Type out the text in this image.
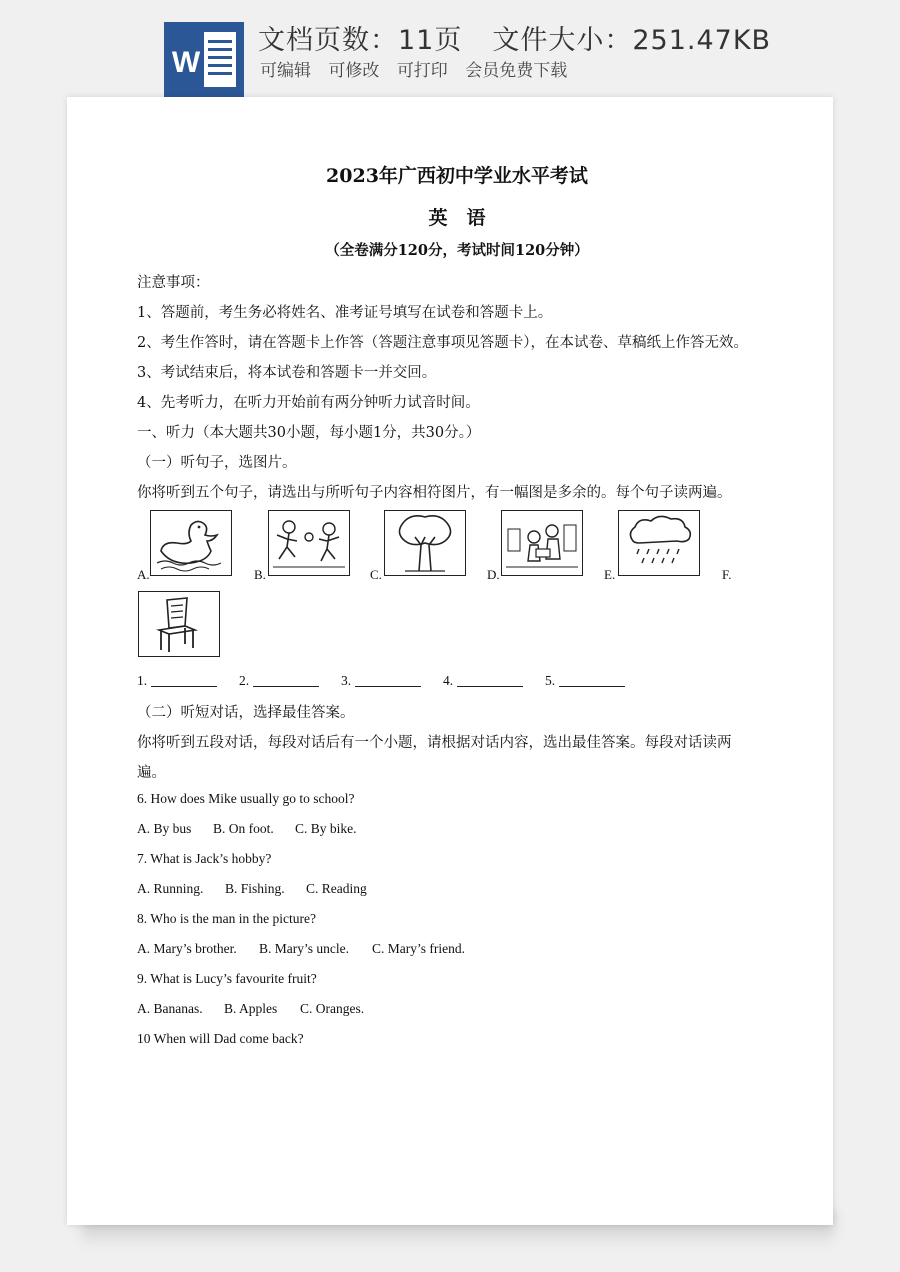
W
文档页数：11页 文件大小：251.47KB
可编辑 可修改 可打印 会员免费下载
2023年广西初中学业水平考试
英　语
（全卷满分120分，考试时间120分钟）
注意事项：
1、答题前，考生务必将姓名、准考证号填写在试卷和答题卡上。
2、考生作答时，请在答题卡上作答（答题注意事项见答题卡），在本试卷、草稿纸上作答无效。
3、考试结束后，将本试卷和答题卡一并交回。
4、先考听力，在听力开始前有两分钟听力试音时间。
一、听力（本大题共30小题，每小题1分，共30分。）
（一）听句子，选图片。
你将听到五个句子，请选出与所听句子内容相符图片，有一幅图是多余的。每个句子读两遍。
A.	B.	C.	D.	E.	F.
1.	2.	3.	4.	5.
（二）听短对话，选择最佳答案。
你将听到五段对话，每段对话后有一个小题，请根据对话内容，选出最佳答案。每段对话读两
遍。
6. How does Mike usually go to school?
A. By bus B. On foot. C. By bike.
7. What is Jack’s hobby?
A. Running. B. Fishing. C. Reading
8. Who is the man in the picture?
A. Mary’s brother. B. Mary’s uncle. C. Mary’s friend.
9. What is Lucy’s favourite fruit?
A. Bananas. B. Apples C. Oranges.
10 When will Dad come back?
